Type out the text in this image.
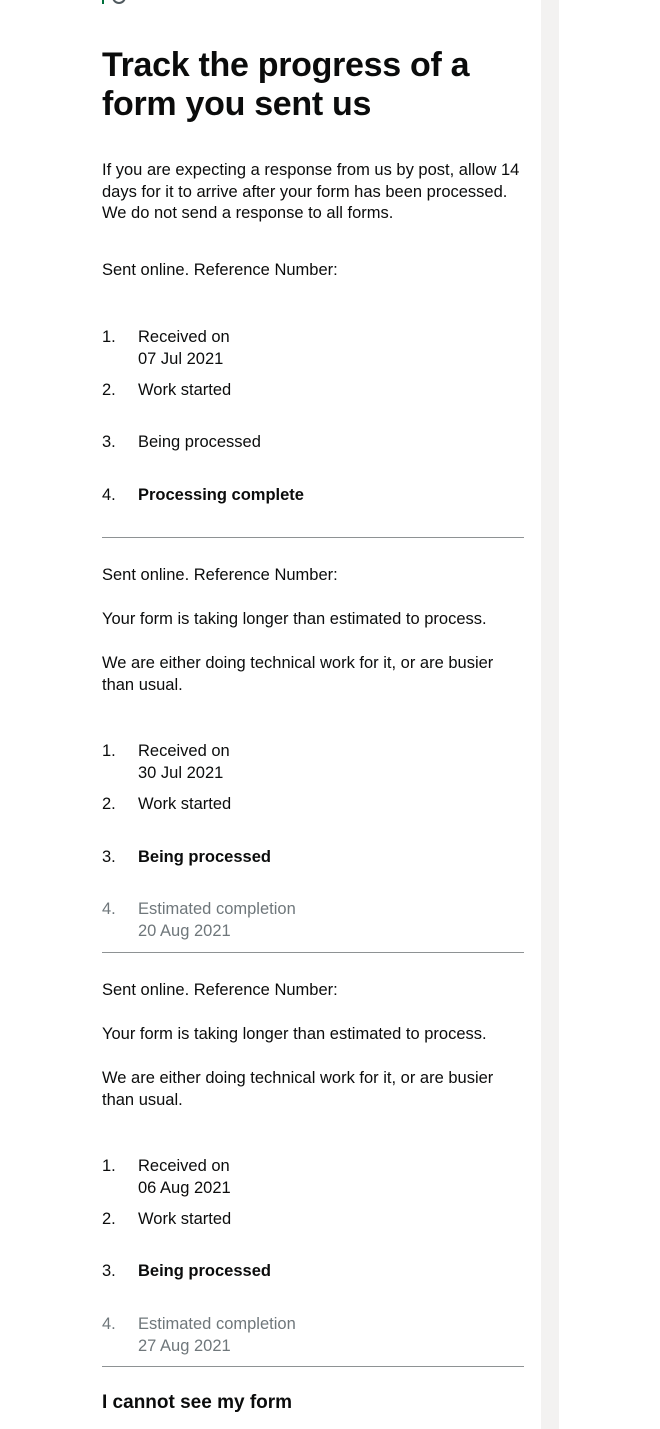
Track the progress of a form you sent us

If you are expecting a response from us by post, allow 14 days for it to arrive after your form has been processed. We do not send a response to all forms.

Sent online. Reference Number:

1. Received on
07 Jul 2021
2. Work started
3. Being processed
4. Processing complete

Sent online. Reference Number:

Your form is taking longer than estimated to process.

We are either doing technical work for it, or are busier than usual.

1. Received on
30 Jul 2021
2. Work started
3. Being processed
4. Estimated completion
20 Aug 2021

Sent online. Reference Number:

Your form is taking longer than estimated to process.

We are either doing technical work for it, or are busier than usual.

1. Received on
06 Aug 2021
2. Work started
3. Being processed
4. Estimated completion
27 Aug 2021
I cannot see my form
